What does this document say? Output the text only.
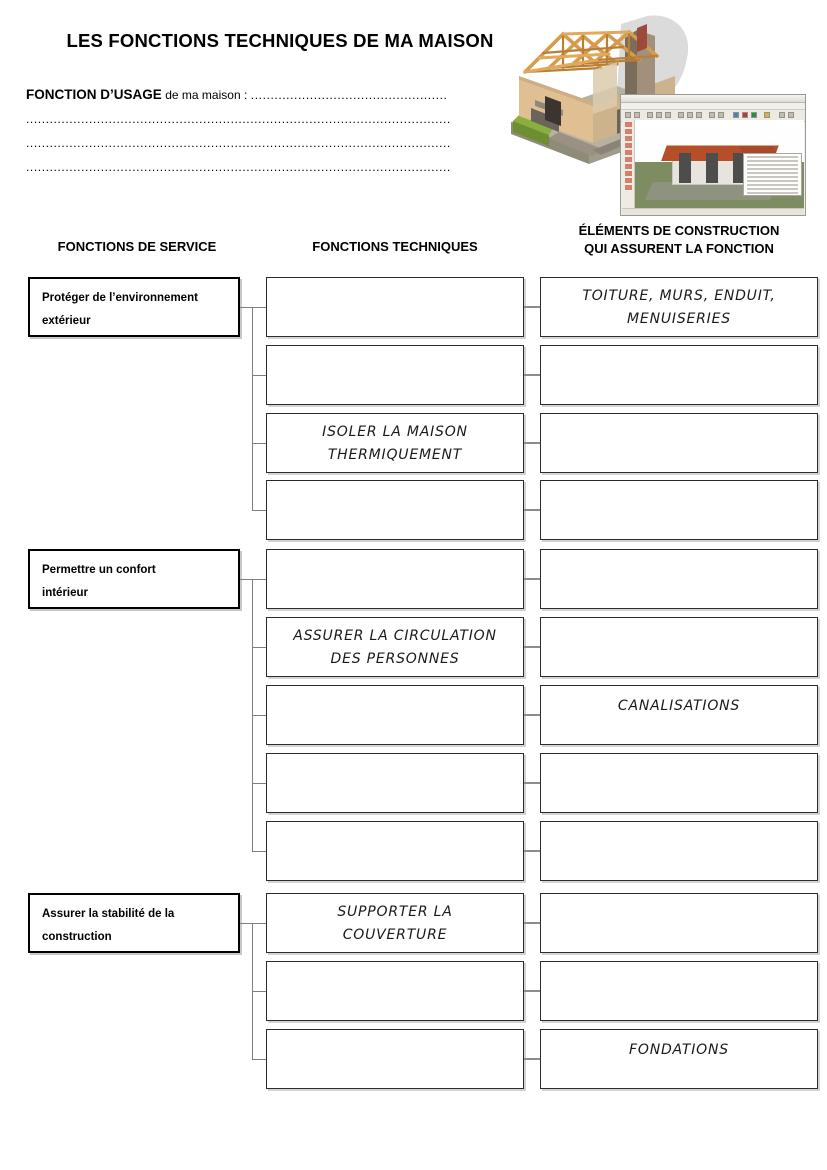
LES FONCTIONS TECHNIQUES DE MA MAISON
FONCTION D’USAGE de ma maison : ..................................................
............................................................................................................
............................................................................................................
............................................................................................................
FONCTIONS DE SERVICE	FONCTIONS TECHNIQUES
ÉLÉMENTS DE CONSTRUCTION
QUI ASSURENT LA FONCTION
Protéger de l’environnement
extérieur
TOITURE, MURS, ENDUIT,
MENUISERIES
ISOLER LA MAISON
THERMIQUEMENT
Permettre un confort
intérieur
ASSURER LA CIRCULATION
DES PERSONNES
CANALISATIONS
Assurer la stabilité de la
construction
SUPPORTER LA
COUVERTURE
FONDATIONS
